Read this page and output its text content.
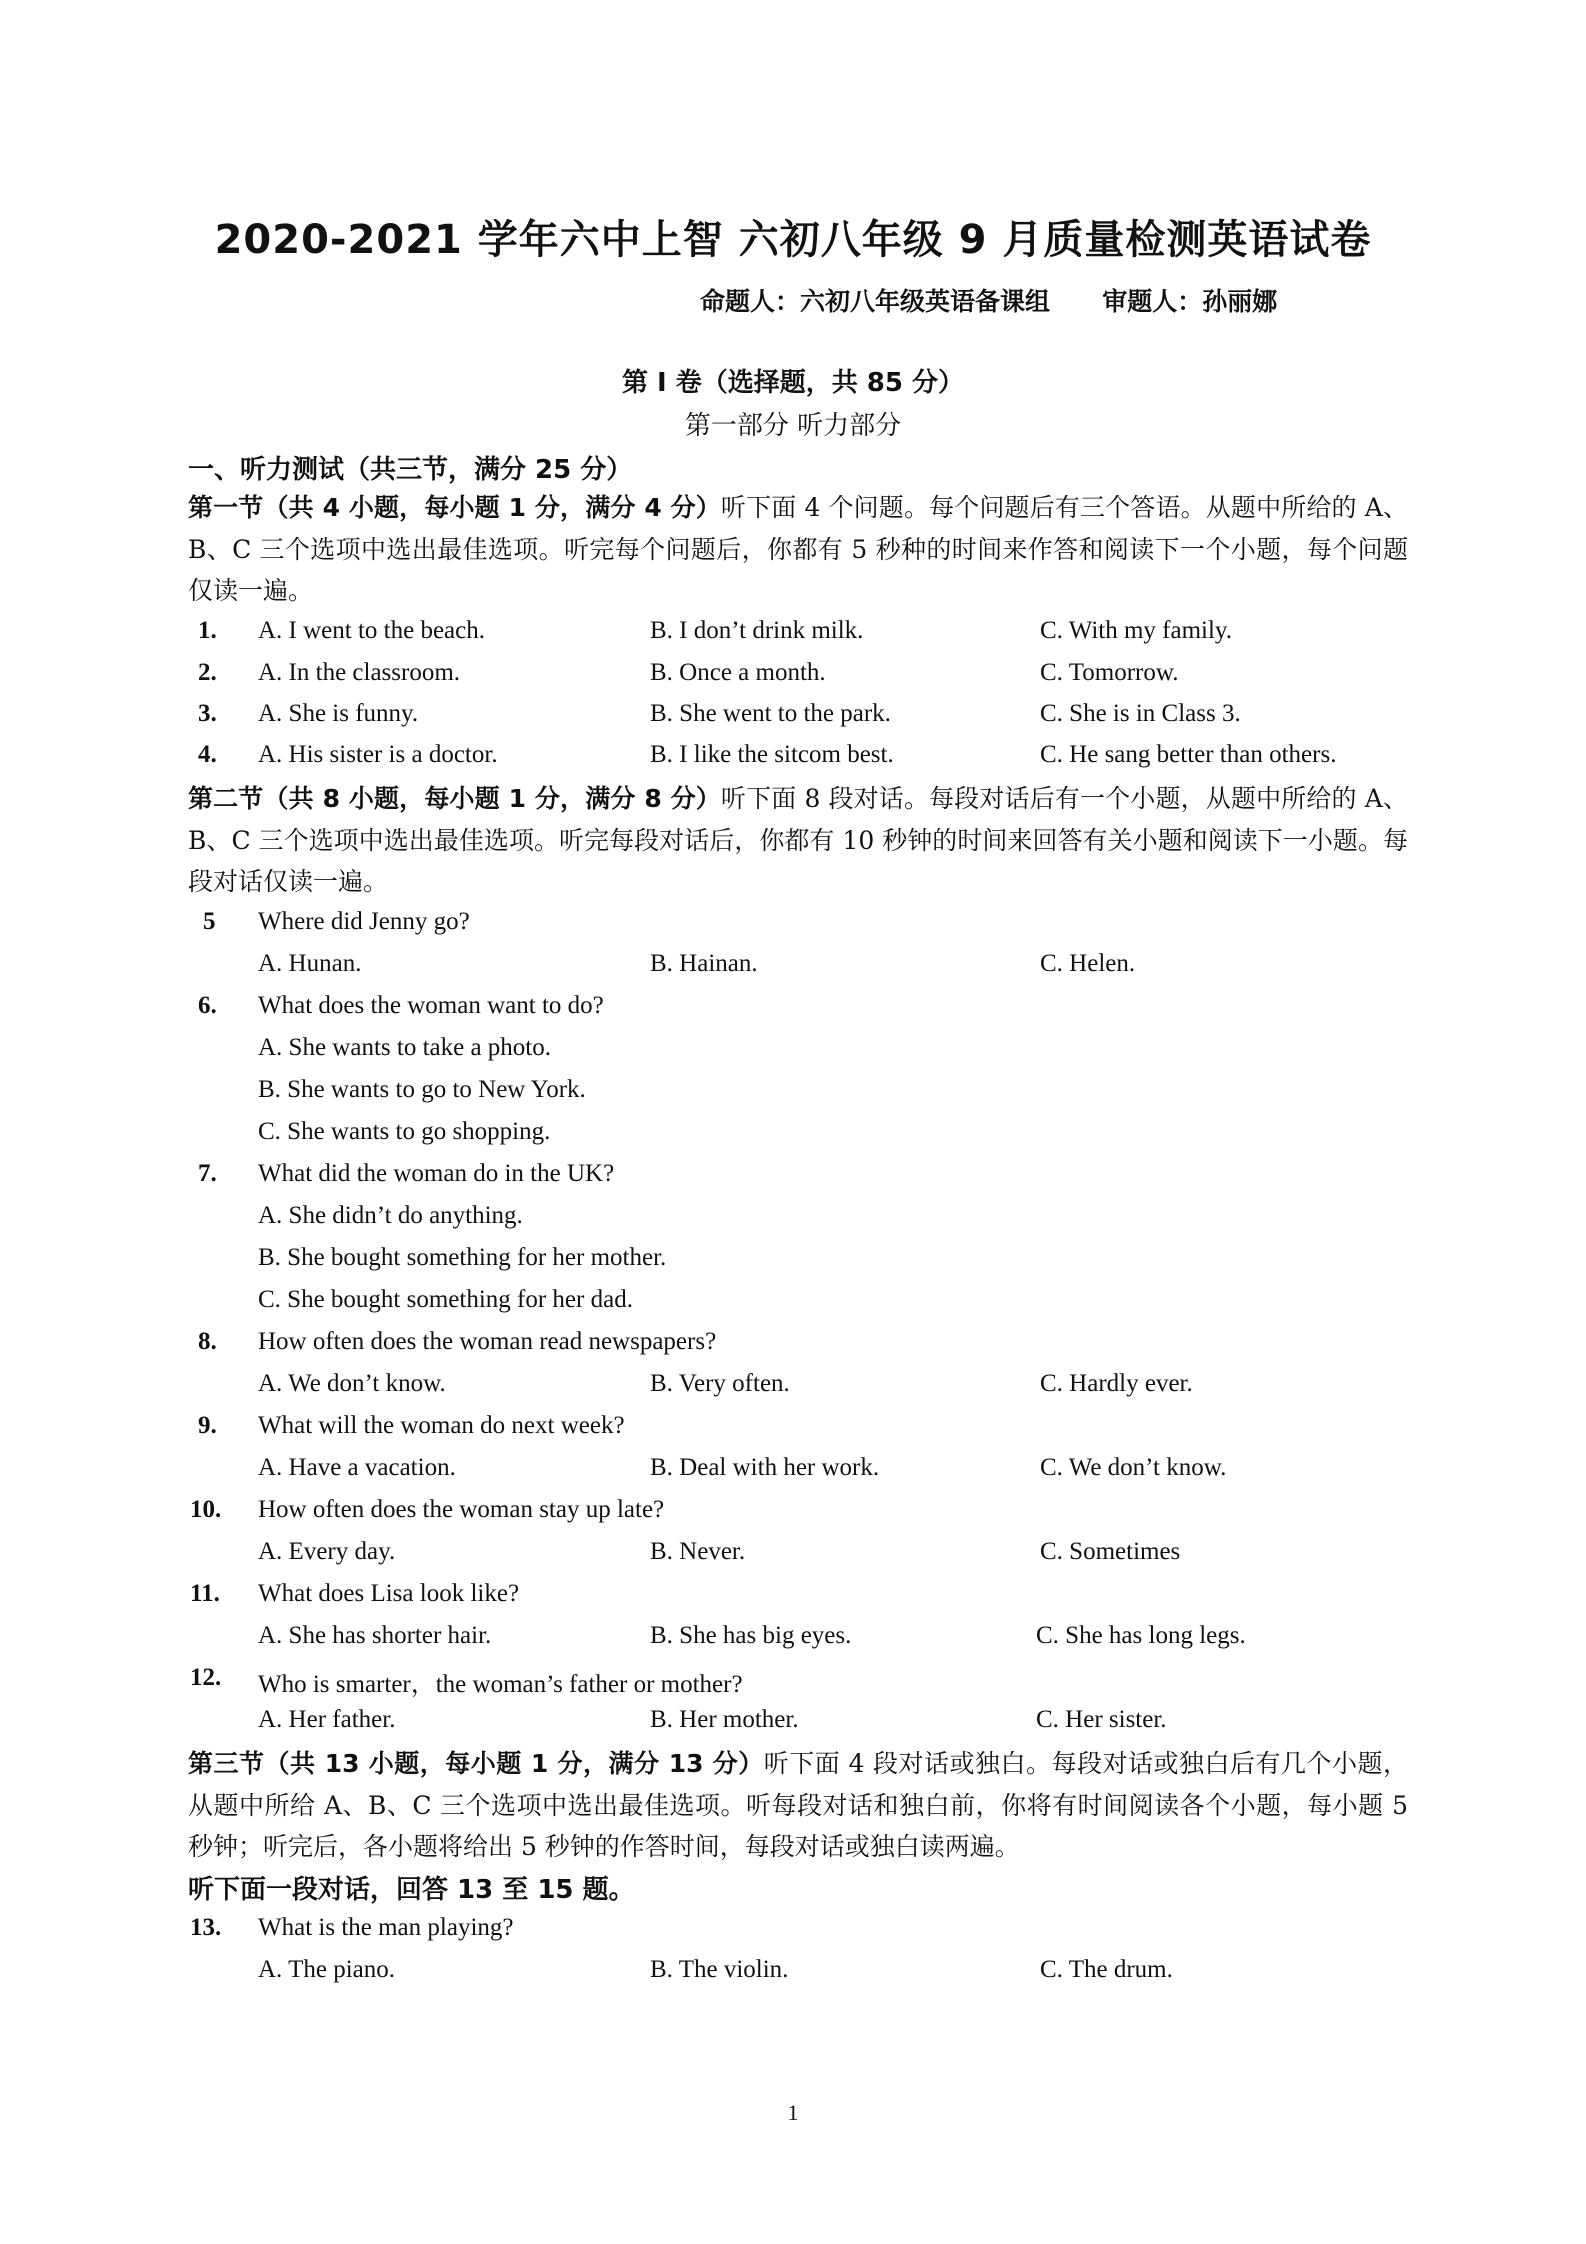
2020-2021 学年六中上智 六初八年级 9 月质量检测英语试卷
命题人：六初八年级英语备课组      审题人：孙丽娜
第 I 卷（选择题，共 85 分）
第一部分 听力部分
一、听力测试（共三节，满分 25 分）
第一节（共 4 小题，每小题 1 分，满分 4 分）听下面 4 个问题。每个问题后有三个答语。从题中所给的 A、B、C 三个选项中选出最佳选项。听完每个问题后，你都有 5 秒种的时间来作答和阅读下一个小题，每个问题仅读一遍。
1. A. I went to the beach.	B. I don’t drink milk.	C. With my family.
2. A. In the classroom.	B. Once a month.	C. Tomorrow.
3. A. She is funny.	B. She went to the park.	C. She is in Class 3.
4. A. His sister is a doctor.	B. I like the sitcom best.	C. He sang better than others.
第二节（共 8 小题，每小题 1 分，满分 8 分）听下面 8 段对话。每段对话后有一个小题，从题中所给的 A、B、C 三个选项中选出最佳选项。听完每段对话后，你都有 10 秒钟的时间来回答有关小题和阅读下一小题。每段对话仅读一遍。
5 Where did Jenny go?
A. Hunan.	B. Hainan.	C. Helen.
6. What does the woman want to do?
A. She wants to take a photo.
B. She wants to go to New York.
C. She wants to go shopping.
7. What did the woman do in the UK?
A. She didn’t do anything.
B. She bought something for her mother.
C. She bought something for her dad.
8. How often does the woman read newspapers?
A. We don’t know.	B. Very often.	C. Hardly ever.
9. What will the woman do next week?
A. Have a vacation.	B. Deal with her work.	C. We don’t know.
10. How often does the woman stay up late?
A. Every day.	B. Never.	C. Sometimes
11. What does Lisa look like?
A. She has shorter hair.	B. She has big eyes.	C. She has long legs.
12. Who is smarter，the woman’s father or mother?
A. Her father.	B. Her mother.	C. Her sister.
第三节（共 13 小题，每小题 1 分，满分 13 分）听下面 4 段对话或独白。每段对话或独白后有几个小题，从题中所给 A、B、C 三个选项中选出最佳选项。听每段对话和独白前，你将有时间阅读各个小题，每小题 5 秒钟；听完后，各小题将给出 5 秒钟的作答时间，每段对话或独白读两遍。
听下面一段对话，回答 13 至 15 题。
13. What is the man playing?
A. The piano.	B. The violin.	C. The drum.
1
